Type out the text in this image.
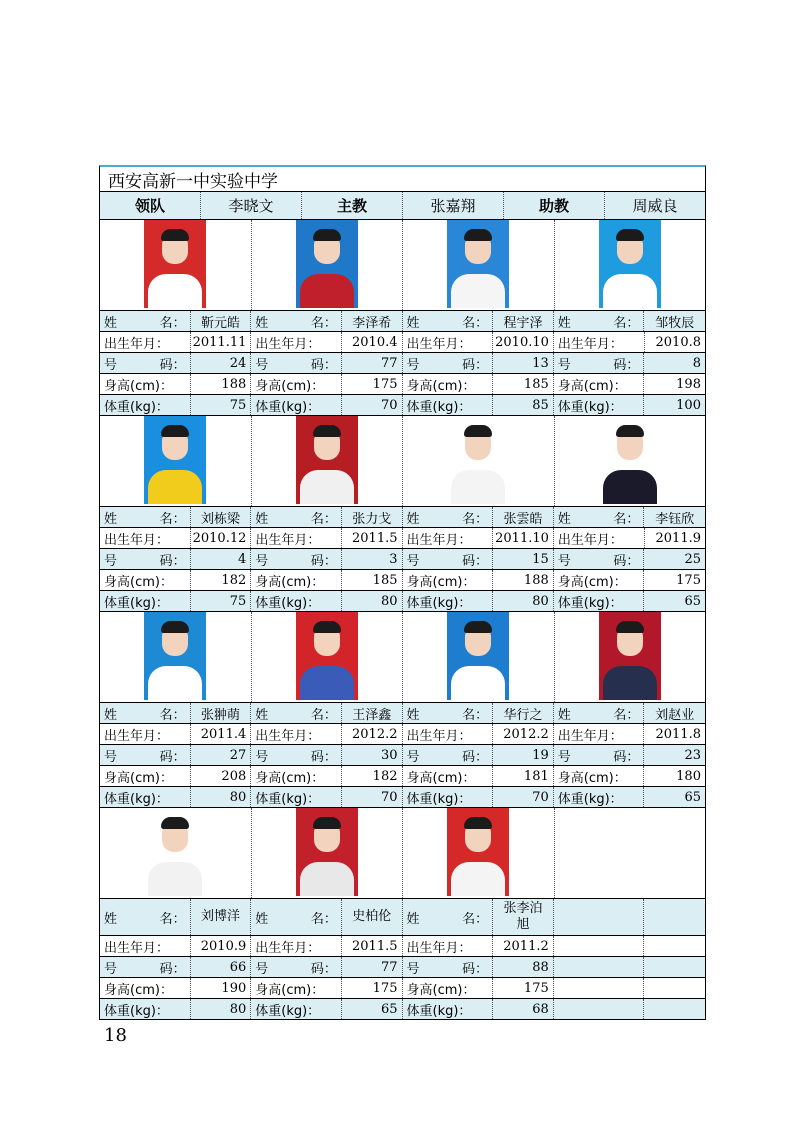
西安高新一中实验中学
领队	李晓文	主教	张嘉翔	助教	周威良
姓	名：	靳元皓	姓	名：	李泽希	姓	名：	程宇泽	姓	名：	邹牧辰
出生年月：	2011.11 出生年月：	2010.4 出生年月：	2010.10 出生年月：	2010.8
号	码：	24 号	码：	77 号	码：	13 号	码：	8
身高(cm)：	188 身高(cm)：	175 身高(cm)：	185 身高(cm)：	198
体重(kg)：	75 体重(kg)：	70 体重(kg)：	85 体重(kg)：	100
姓	名：	刘栋梁	姓	名：	张力戈	姓	名：	张雲皓	姓	名：	李钰欣
出生年月：	2010.12 出生年月：	2011.5 出生年月：	2011.10 出生年月：	2011.9
号	码：	4 号	码：	3 号	码：	15 号	码：	25
身高(cm)：	182 身高(cm)：	185 身高(cm)：	188 身高(cm)：	175
体重(kg)：	75 体重(kg)：	80 体重(kg)：	80 体重(kg)：	65
姓	名：	张翀萌	姓	名：	王泽鑫	姓	名：	华行之	姓	名：	刘赵业
出生年月：	2011.4 出生年月：	2012.2 出生年月：	2012.2 出生年月：	2011.8
号	码：	27 号	码：	30 号	码：	19 号	码：	23
身高(cm)：	208 身高(cm)：	182 身高(cm)：	181 身高(cm)：	180
体重(kg)：	80 体重(kg)：	70 体重(kg)：	70 体重(kg)：	65
姓	名：	刘博洋	姓	名：	史柏伦	姓	名：
张李泊旭
出生年月：	2010.9 出生年月：	2011.5 出生年月：	2011.2
号	码：	66 号	码：	77 号	码：	88
身高(cm)：	190 身高(cm)：	175 身高(cm)：	175
体重(kg)：	80 体重(kg)：	65 体重(kg)：	68
18
